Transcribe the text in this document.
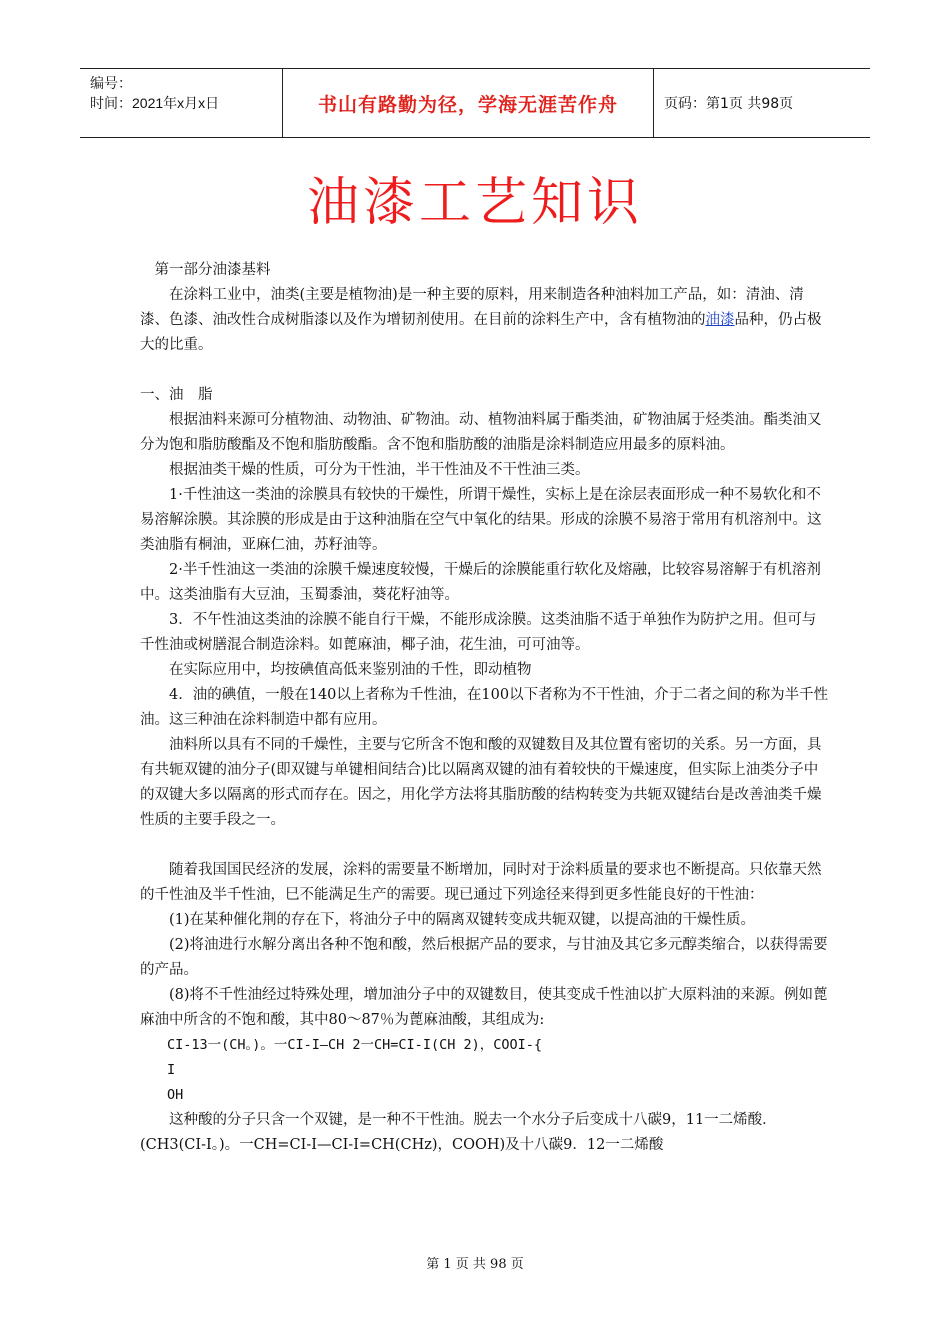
编号：
时间：2021年x月x日	书山有路勤为径，学海无涯苦作舟	页码：第1页 共98页
油漆工艺知识

第一部分油漆基料

在涂料工业中，油类(主要是植物油)是一种主要的原料，用来制造各种油料加工产品，如：清油、清漆、色漆、油改性合成树脂漆以及作为增韧剂使用。在目前的涂料生产中，含有植物油的油漆品种，仍占极大的比重。

一、油　脂

根据油料来源可分植物油、动物油、矿物油。动、植物油料属于酯类油，矿物油属于烃类油。酯类油又分为饱和脂肪酸酯及不饱和脂肪酸酯。含不饱和脂肪酸的油脂是涂料制造应用最多的原料油。

根据油类干燥的性质，可分为干性油，半干性油及不干性油三类。

1·千性油这一类油的涂膜具有较快的干燥性，所谓干燥性，实标上是在涂层表面形成一种不易软化和不易溶解涂膜。其涂膜的形成是由于这种油脂在空气中氧化的结果。形成的涂膜不易溶于常用有机溶剂中。这类油脂有桐油，亚麻仁油，苏籽油等。

2·半千性油这一类油的涂膜千燥速度较慢，干燥后的涂膜能重行软化及熔融，比较容易溶解于有机溶剂中。这类油脂有大豆油，玉蜀黍油，葵花籽油等。

3．不午性油这类油的涂膜不能自行干燥，不能形成涂膜。这类油脂不适于单独作为防护之用。但可与千性油或树膳混合制造涂料。如蓖麻油，椰子油，花生油，可可油等。

在实际应用中，均按碘值高低来鉴别油的千性，即动植物

4．油的碘值，一般在140以上者称为千性油，在100以下者称为不干性油，介于二者之间的称为半千性油。这三种油在涂料制造中都有应用。

油料所以具有不同的千燥性，主要与它所含不饱和酸的双键数目及其位置有密切的关系。另一方面，具有共轭双键的油分子(即双键与单键相间结合)比以隔离双键的油有着较快的干燥速度，但实际上油类分子中的双键大多以隔离的形式而存在。因之，用化学方法将其脂肪酸的结构转变为共轭双键结台是改善油类千燥性质的主要手段之一。

随着我国国民经济的发展，涂料的需要量不断增加，同时对于涂料质量的要求也不断提高。只依靠天然的千性油及半千性油，巳不能满足生产的需要。现已通过下列途径来得到更多性能良好的干性油：

(1)在某种催化荆的存在下，将油分子中的隔离双键转变成共轭双键，以提高油的干燥性质。

(2)将油进行水解分离出各种不饱和酸，然后根据产品的要求，与甘油及其它多元醇类缩合，以获得需要的产品。

(8)将不千性油经过特殊处理，增加油分子中的双键数目，使其变成千性油以扩大原料油的来源。例如蓖麻油中所含的不饱和酸，其中80～87％为蓖麻油酸，其组成为:

CI-13一(CH。)。一CI-I—CH 2一CH=CI-I(CH 2)，COOI-{

I

OH

这种酸的分子只含一个双键，是一种不干性油。脱去一个水分子后变成十八碳9，11一二烯酸．　(CH3(CI-I。)。一CH=CI-I—CI-I=CH(CHz)，COOH)及十八碳9．12一二烯酸

第 1 页 共 98 页
